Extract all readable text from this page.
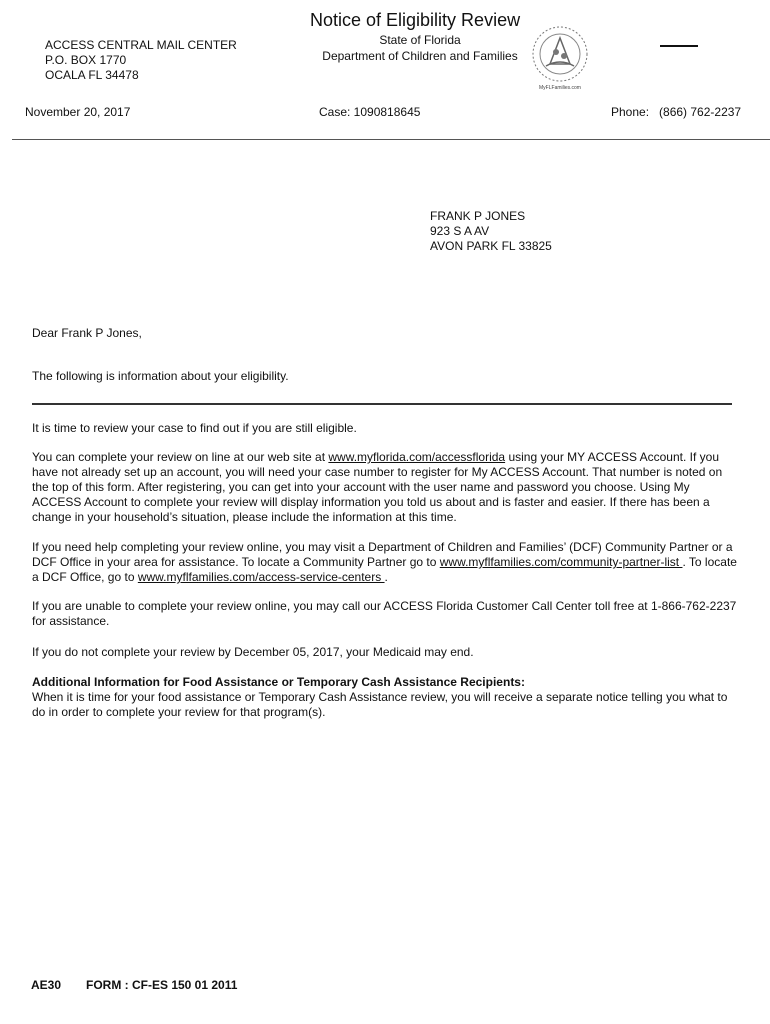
Notice of Eligibility Review
State of Florida
Department of Children and Families
MyFLFamilies.com
ACCESS CENTRAL MAIL CENTER
P.O. BOX 1770
OCALA FL 34478
November 20, 2017	Case: 1090818645	Phone:   (866) 762-2237
FRANK P JONES
923 S A AV
AVON PARK FL 33825
Dear Frank P Jones,
The following is information about your eligibility.

It is time to review your case to find out if you are still eligible.

You can complete your review on line at our web site at www.myflorida.com/accessflorida using your MY ACCESS Account. If you have not already set up an account, you will need your case number to register for My ACCESS Account. That number is noted on the top of this form. After registering, you can get into your account with the user name and password you choose. Using My ACCESS Account to complete your review will display information you told us about and is faster and easier. If there has been a change in your household’s situation, please include the information at this time.

If you need help completing your review online, you may visit a Department of Children and Families’ (DCF) Community Partner or a DCF Office in your area for assistance. To locate a Community Partner go to www.myflfamilies.com/community-partner-list . To locate a DCF Office, go to www.myflfamilies.com/access-service-centers .

If you are unable to complete your review online, you may call our ACCESS Florida Customer Call Center toll free at 1-866-762-2237 for assistance.

If you do not complete your review by December 05, 2017, your Medicaid may end.

Additional Information for Food Assistance or Temporary Cash Assistance Recipients:

When it is time for your food assistance or Temporary Cash Assistance review, you will receive a separate notice telling you what to do in order to complete your review for that program(s).

AE30 FORM : CF-ES 150 01 2011
